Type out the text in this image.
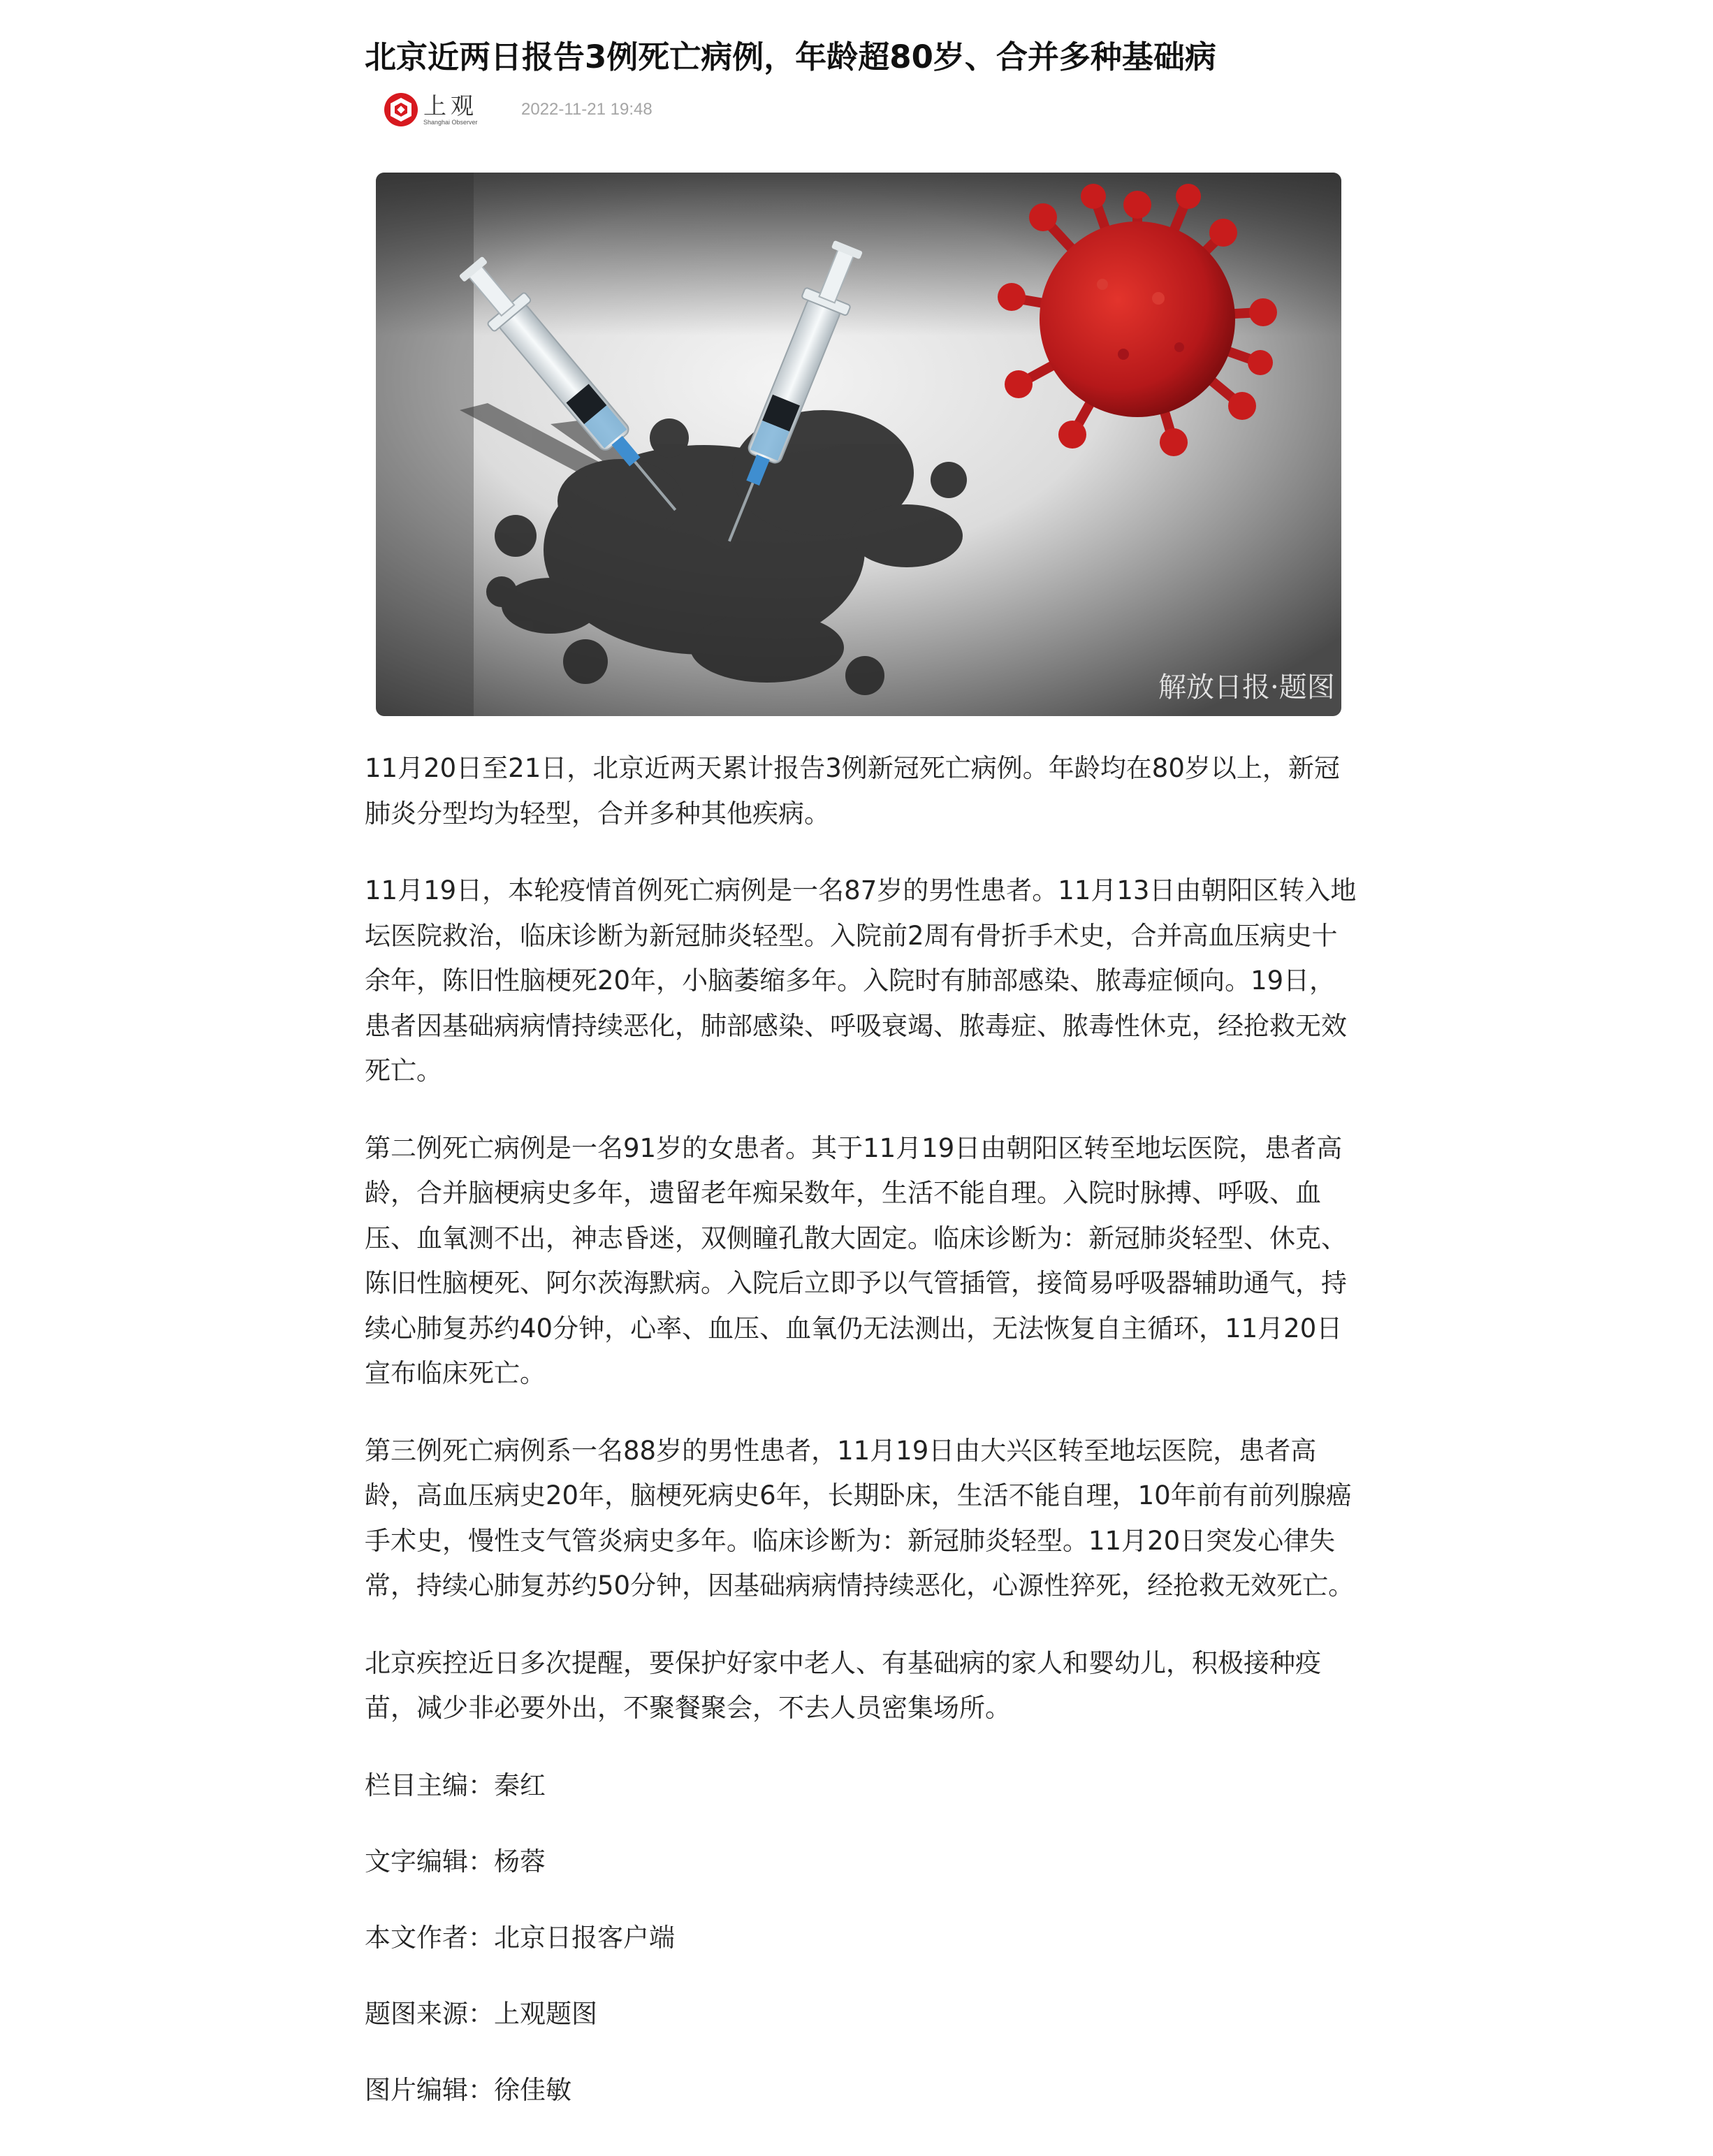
北京近两日报告3例死亡病例，年龄超80岁、合并多种基础病
上观
Shanghai Observer
2022-11-21 19:48
解放日报·题图

11月20日至21日，北京近两天累计报告3例新冠死亡病例。年龄均在80岁以上，新冠肺炎分型均为轻型，合并多种其他疾病。

11月19日，本轮疫情首例死亡病例是一名87岁的男性患者。11月13日由朝阳区转入地坛医院救治，临床诊断为新冠肺炎轻型。入院前2周有骨折手术史，合并高血压病史十余年，陈旧性脑梗死20年，小脑萎缩多年。入院时有肺部感染、脓毒症倾向。19日，患者因基础病病情持续恶化，肺部感染、呼吸衰竭、脓毒症、脓毒性休克，经抢救无效死亡。

第二例死亡病例是一名91岁的女患者。其于11月19日由朝阳区转至地坛医院，患者高龄，合并脑梗病史多年，遗留老年痴呆数年，生活不能自理。入院时脉搏、呼吸、血压、血氧测不出，神志昏迷，双侧瞳孔散大固定。临床诊断为：新冠肺炎轻型、休克、陈旧性脑梗死、阿尔茨海默病。入院后立即予以气管插管，接简易呼吸器辅助通气，持续心肺复苏约40分钟，心率、血压、血氧仍无法测出，无法恢复自主循环，11月20日宣布临床死亡。

第三例死亡病例系一名88岁的男性患者，11月19日由大兴区转至地坛医院，患者高龄，高血压病史20年，脑梗死病史6年，长期卧床，生活不能自理，10年前有前列腺癌手术史，慢性支气管炎病史多年。临床诊断为：新冠肺炎轻型。11月20日突发心律失常，持续心肺复苏约50分钟，因基础病病情持续恶化，心源性猝死，经抢救无效死亡。

北京疾控近日多次提醒，要保护好家中老人、有基础病的家人和婴幼儿，积极接种疫苗，减少非必要外出，不聚餐聚会，不去人员密集场所。

栏目主编：秦红

文字编辑：杨蓉

本文作者：北京日报客户端

题图来源：上观题图

图片编辑：徐佳敏
